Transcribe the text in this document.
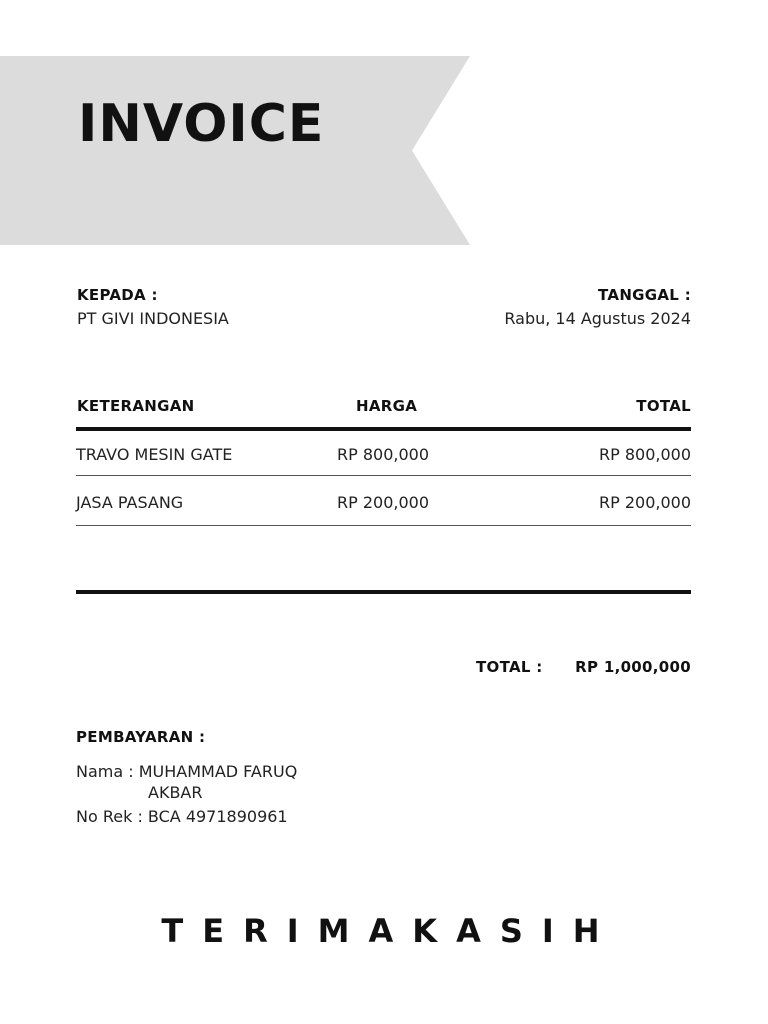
INVOICE
KEPADA :
PT GIVI INDONESIA
TANGGAL :
Rabu, 14 Agustus 2024
KETERANGAN	HARGA	TOTAL
TRAVO MESIN GATE	RP 800,000	RP 800,000
JASA PASANG	RP 200,000	RP 200,000
TOTAL : RP 1,000,000
PEMBAYARAN :
Nama : MUHAMMAD FARUQ
AKBAR
No Rek : BCA 4971890961
TERIMAKASIH
